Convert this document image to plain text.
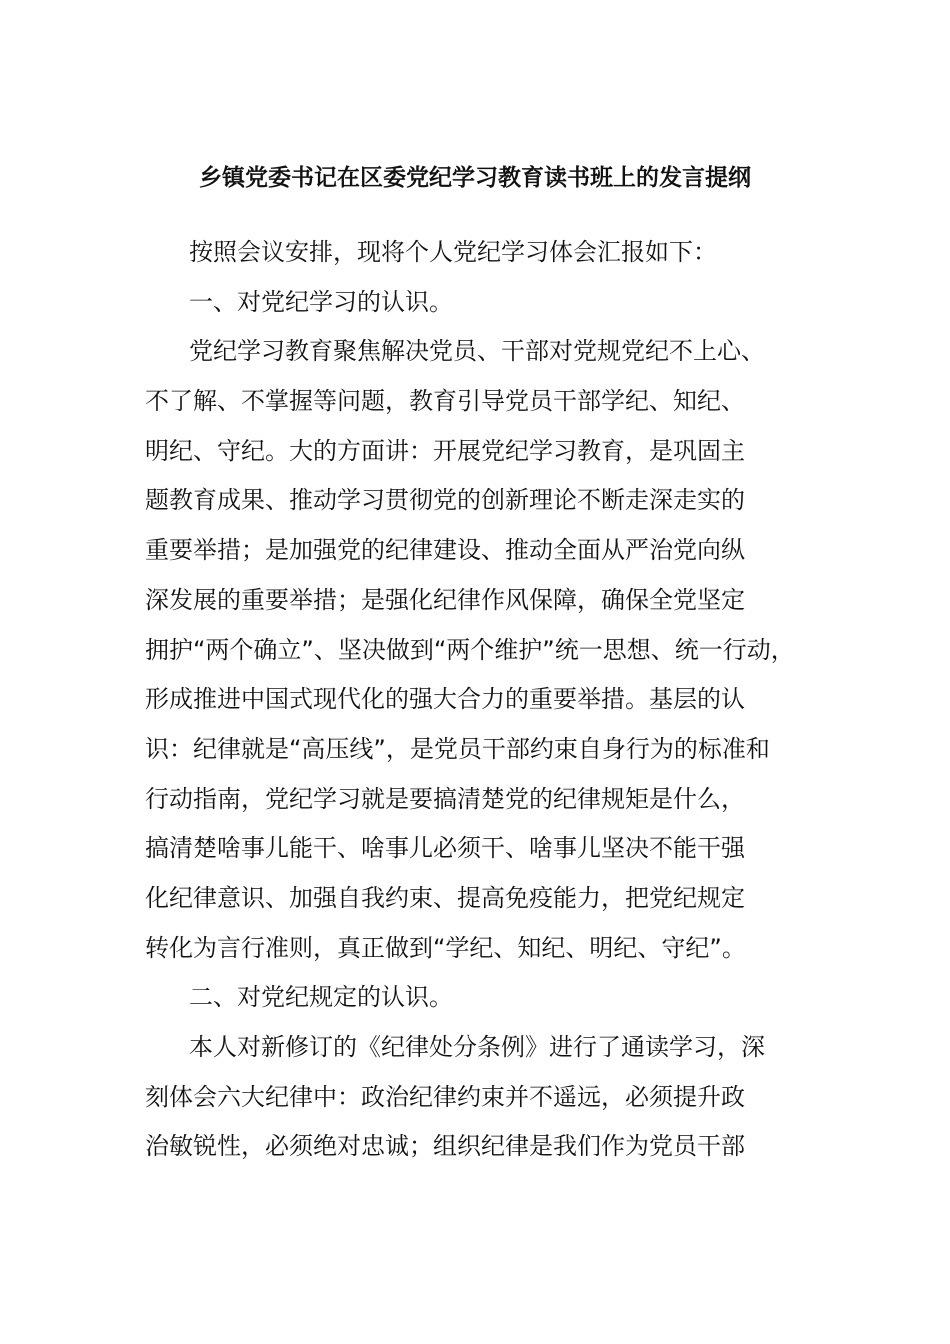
乡镇党委书记在区委党纪学习教育读书班上的发言提纲
按照会议安排，现将个人党纪学习体会汇报如下：
一、对党纪学习的认识。
党纪学习教育聚焦解决党员、干部对党规党纪不上心、
不了解、不掌握等问题，教育引导党员干部学纪、知纪、
明纪、守纪。大的方面讲：开展党纪学习教育，是巩固主
题教育成果、推动学习贯彻党的创新理论不断走深走实的
重要举措；是加强党的纪律建设、推动全面从严治党向纵
深发展的重要举措；是强化纪律作风保障，确保全党坚定
拥护“两个确立”、坚决做到“两个维护”统一思想、统一行动，
形成推进中国式现代化的强大合力的重要举措。基层的认
识：纪律就是“高压线”，是党员干部约束自身行为的标准和
行动指南，党纪学习就是要搞清楚党的纪律规矩是什么，
搞清楚啥事儿能干、啥事儿必须干、啥事儿坚决不能干强
化纪律意识、加强自我约束、提高免疫能力，把党纪规定
转化为言行准则，真正做到“学纪、知纪、明纪、守纪”。
二、对党纪规定的认识。
本人对新修订的《纪律处分条例》进行了通读学习，深
刻体会六大纪律中：政治纪律约束并不遥远，必须提升政
治敏锐性，必须绝对忠诚；组织纪律是我们作为党员干部
